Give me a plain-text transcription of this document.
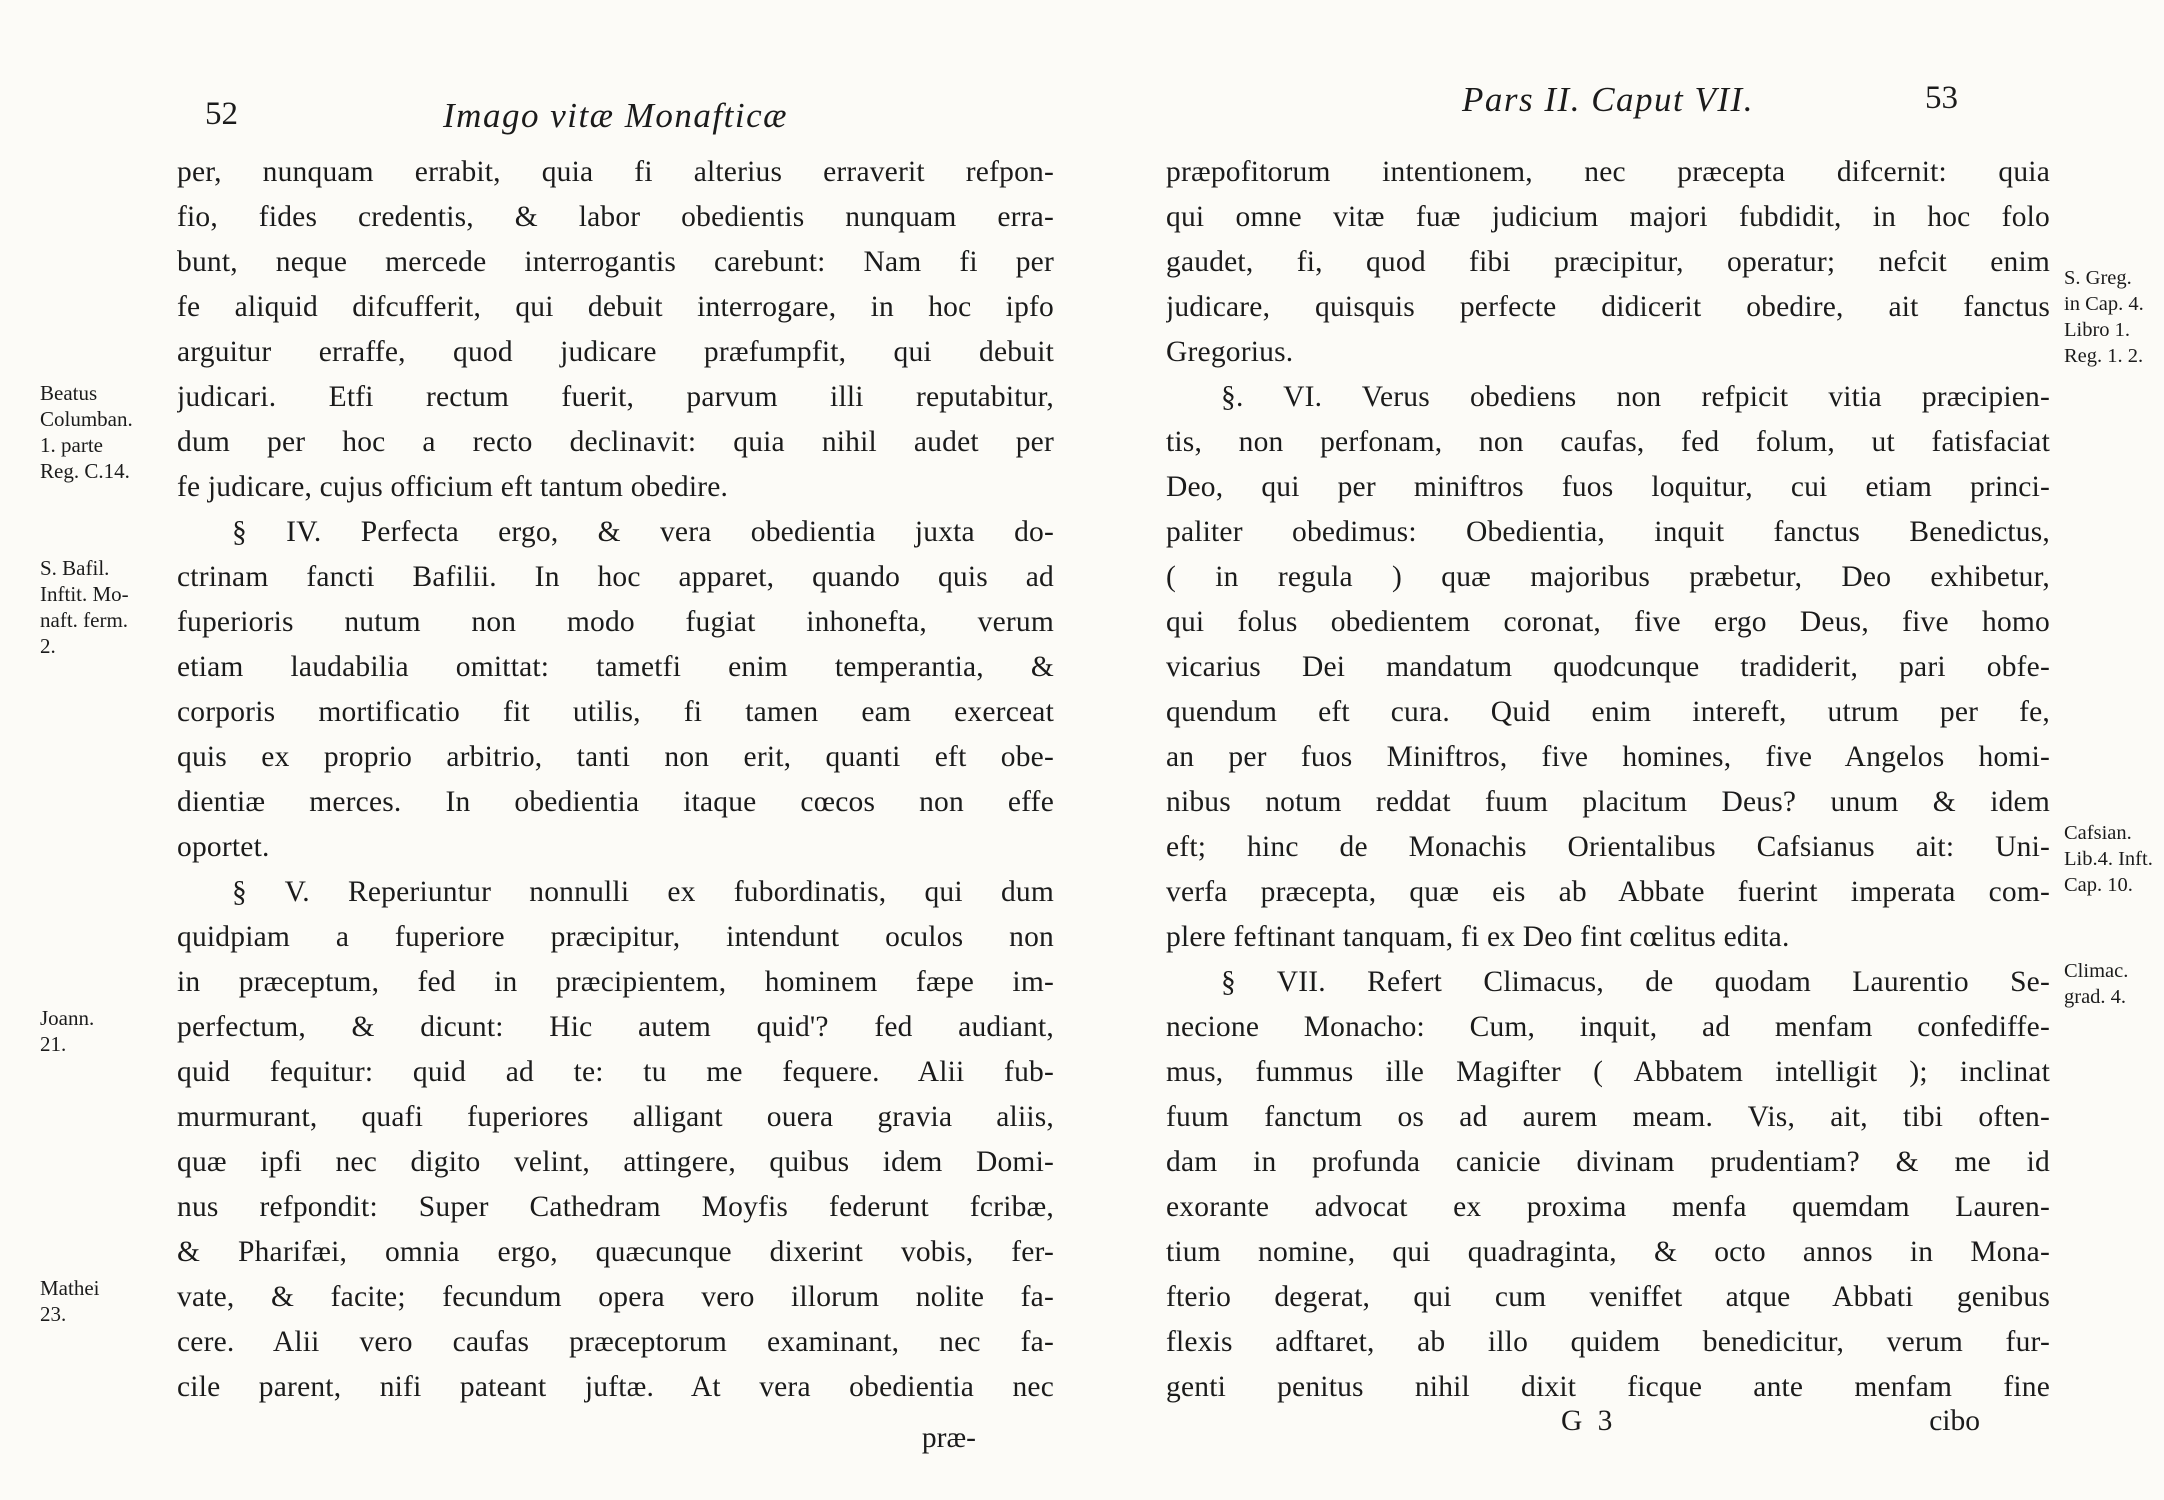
52	Imago vitæ Monafticæ
per, nunquam errabit, quia fi alterius erraverit refpon-
fio, fides credentis, & labor obedientis nunquam erra-
bunt, neque mercede interrogantis carebunt: Nam fi per
fe aliquid difcufferit, qui debuit interrogare, in hoc ipfo
arguitur erraffe, quod judicare præfumpfit, qui debuit
judicari. Etfi rectum fuerit, parvum illi reputabitur,
dum per hoc a recto declinavit: quia nihil audet per
fe judicare, cujus officium eft tantum obedire.
§ IV. Perfecta ergo, & vera obedientia juxta do-
ctrinam fancti Bafilii. In hoc apparet, quando quis ad
fuperioris nutum non modo fugiat inhonefta, verum
etiam laudabilia omittat: tametfi enim temperantia, &
corporis mortificatio fit utilis, fi tamen eam exerceat
quis ex proprio arbitrio, tanti non erit, quanti eft obe-
dientiæ merces. In obedientia itaque cœcos non effe
oportet.
§ V. Reperiuntur nonnulli ex fubordinatis, qui dum
quidpiam a fuperiore præcipitur, intendunt oculos non
in præceptum, fed in præcipientem, hominem fæpe im-
perfectum, & dicunt: Hic autem quid'? fed audiant,
quid fequitur: quid ad te: tu me fequere. Alii fub-
murmurant, quafi fuperiores alligant ouera gravia aliis,
quæ ipfi nec digito velint, attingere, quibus idem Domi-
nus refpondit: Super Cathedram Moyfis federunt fcribæ,
& Pharifæi, omnia ergo, quæcunque dixerint vobis, fer-
vate, & facite; fecundum opera vero illorum nolite fa-
cere. Alii vero caufas præceptorum examinant, nec fa-
cile parent, nifi pateant juftæ. At vera obedientia nec
Beatus
Columban.
1. parte
Reg. C.14.
S. Bafil.
Inftit. Mo-
naft. ferm.
2.
Joann.
21.
Mathei
23.
præ-
Pars II. Caput VII.	53
præpofitorum intentionem, nec præcepta difcernit: quia
qui omne vitæ fuæ judicium majori fubdidit, in hoc folo
gaudet, fi, quod fibi præcipitur, operatur; nefcit enim
judicare, quisquis perfecte didicerit obedire, ait fanctus
Gregorius.
§. VI. Verus obediens non refpicit vitia præcipien-
tis, non perfonam, non caufas, fed folum, ut fatisfaciat
Deo, qui per miniftros fuos loquitur, cui etiam princi-
paliter obedimus: Obedientia, inquit fanctus Benedictus,
( in regula ) quæ majoribus præbetur, Deo exhibetur,
qui folus obedientem coronat, five ergo Deus, five homo
vicarius Dei mandatum quodcunque tradiderit, pari obfe-
quendum eft cura. Quid enim intereft, utrum per fe,
an per fuos Miniftros, five homines, five Angelos homi-
nibus notum reddat fuum placitum Deus? unum & idem
eft; hinc de Monachis Orientalibus Cafsianus ait: Uni-
verfa præcepta, quæ eis ab Abbate fuerint imperata com-
plere feftinant tanquam, fi ex Deo fint cœlitus edita.
§ VII. Refert Climacus, de quodam Laurentio Se-
necione Monacho: Cum, inquit, ad menfam confediffe-
mus, fummus ille Magifter ( Abbatem intelligit ); inclinat
fuum fanctum os ad aurem meam. Vis, ait, tibi often-
dam in profunda canicie divinam prudentiam? & me id
exorante advocat ex proxima menfa quemdam Lauren-
tium nomine, qui quadraginta, & octo annos in Mona-
fterio degerat, qui cum veniffet atque Abbati genibus
flexis adftaret, ab illo quidem benedicitur, verum fur-
genti penitus nihil dixit ficque ante menfam fine
S. Greg.
in Cap. 4.
Libro 1.
Reg. 1. 2.
Cafsian.
Lib.4. Inft.
Cap. 10.
Climac.
grad. 4.
G 3	cibo
